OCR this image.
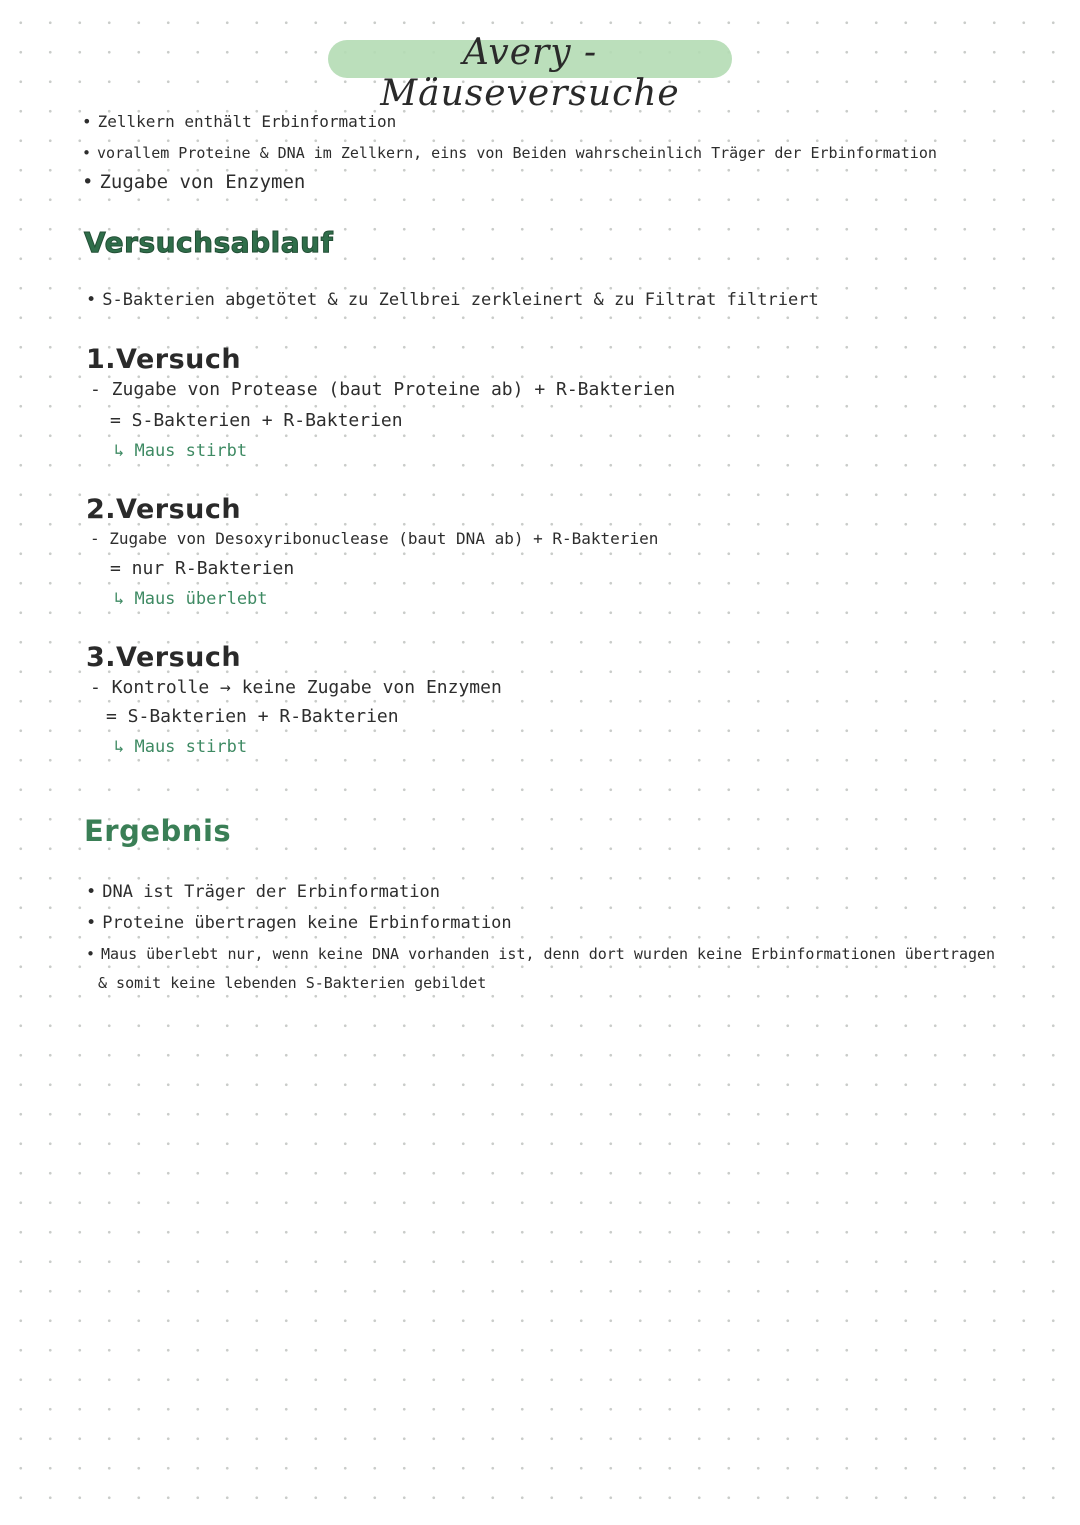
Avery - Mäuseversuche
• Zellkern enthält Erbinformation
• vorallem Proteine & DNA im Zellkern, eins von Beiden wahrscheinlich Träger der Erbinformation
• Zugabe von Enzymen
Versuchsablauf
• S-Bakterien abgetötet & zu Zellbrei zerkleinert & zu Filtrat filtriert
1.Versuch
- Zugabe von Protease (baut Proteine ab) + R-Bakterien
= S-Bakterien + R-Bakterien
↳ Maus stirbt
2.Versuch
- Zugabe von Desoxyribonuclease (baut DNA ab) + R-Bakterien
= nur R-Bakterien
↳ Maus überlebt
3.Versuch
- Kontrolle → keine Zugabe von Enzymen
= S-Bakterien + R-Bakterien
↳ Maus stirbt
Ergebnis
• DNA ist Träger der Erbinformation
• Proteine übertragen keine Erbinformation
• Maus überlebt nur, wenn keine DNA vorhanden ist, denn dort wurden keine Erbinformationen übertragen
& somit keine lebenden S-Bakterien gebildet
